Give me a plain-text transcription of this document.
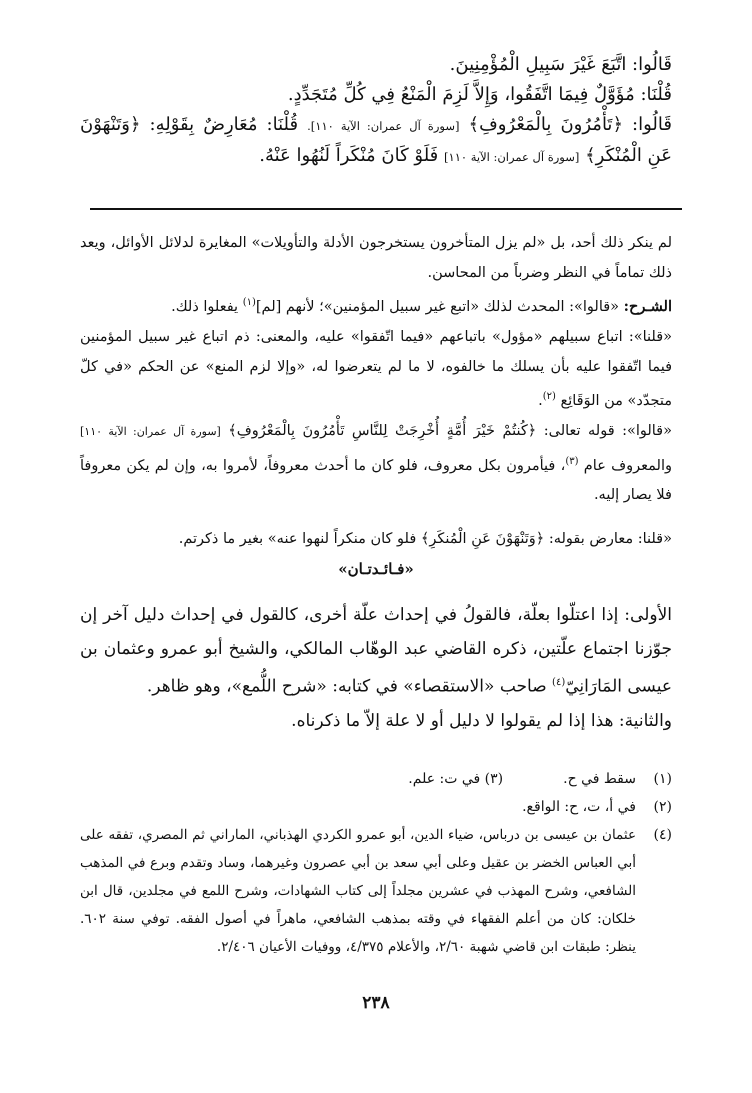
قَالُوا: اتَّبَعَ غَيْرَ سَبِيلِ الْمُؤْمِنِينَ.

قُلْنَا: مُؤَوَّلٌ فِيمَا اتَّفَقُوا، وَإِلاَّ لَزِمَ الْمَنْعُ فِي كُلِّ مُتَجَدِّدٍ.

قَالُوا: ﴿تَأْمُرُونَ بِالْمَعْرُوفِ﴾ [سورة آل عمران: الآية ١١٠]. قُلْنَا: مُعَارِضٌ بِقَوْلِهِ: ﴿وَتَنْهَوْنَ

عَنِ الْمُنْكَرِ﴾ [سورة آل عمران: الآية ١١٠] فَلَوْ كَانَ مُنْكَراً لَنُهُوا عَنْهُ.

لم ينكر ذلك أحد، بل «لم يزل المتأخرون يستخرجون الأدلة والتأويلات» المغايرة لدلائل الأوائل، ويعد ذلك تماماً في النظر وضرباً من المحاسن.

الشـرح: «قالوا»: المحدث لذلك «اتبع غير سبيل المؤمنين»؛ لأنهم [لم]$^{(١)}$ يفعلوا ذلك.

«قلنا»: اتباع سبيلهم «مؤول» باتباعهم «فيما اتّفقوا» عليه، والمعنى: ذم اتباع غير سبيل المؤمنين فيما اتّفقوا عليه بأن يسلك ما خالفوه، لا ما لم يتعرضوا له، «وإلا لزم المنع» عن الحكم «في كلّ متجدّد» من الوَقَائِع $^{(٢)}$.

«قالوا»: قوله تعالى: ﴿كُنتُمْ خَيْرَ أُمَّةٍ أُخْرِجَتْ لِلنَّاسِ تَأْمُرُونَ بِالْمَعْرُوفِ﴾ [سورة آل عمران: الآية ١١٠] والمعروف عام $^{(٣)}$، فيأمرون بكل معروف، فلو كان ما أحدث معروفاً، لأمروا به، وإن لم يكن معروفاً فلا يصار إليه.

«قلنا: معارض بقوله: ﴿وَتَنْهَوْنَ عَنِ الْمُنكَرِ﴾ فلو كان منكراً لنهوا عنه» بغير ما ذكرتم.

«فـائـدتـان»

الأولى: إذا اعتلّوا بعلّة، فالقولُ في إحداث علّة أخرى، كالقول في إحداث دليل آخر إن جوّزنا اجتماع علّتين، ذكره القاضي عبد الوهّاب المالكي، والشيخ أبو عمرو وعثمان بن عيسى المَارَانِيّ$^{(٤)}$ صاحب «الاستقصاء» في كتابه: «شرح اللُّمع»، وهو ظاهر.

والثانية: هذا إذا لم يقولوا لا دليل أو لا علة إلاّ ما ذكرناه.

(١)
سقط في ح.
(٣) في ت: علم.
(٢)
في أ، ت، ح: الواقع.
(٤)
عثمان بن عيسى بن درباس، ضياء الدين، أبو عمرو الكردي الهذباني، الماراني ثم المصري، تفقه على أبي العباس الخضر بن عقيل وعلى أبي سعد بن أبي عصرون وغيرهما، وساد وتقدم وبرع في المذهب الشافعي، وشرح المهذب في عشرين مجلداً إلى كتاب الشهادات، وشرح اللمع في مجلدين، قال ابن خلكان: كان من أعلم الفقهاء في وقته بمذهب الشافعي، ماهراً في أصول الفقه. توفي سنة ٦٠٢. ينظر: طبقات ابن قاضي شهبة ٢/٦٠، والأعلام ٤/٣٧٥، ووفيات الأعيان ٢/٤٠٦.
٢٣٨
